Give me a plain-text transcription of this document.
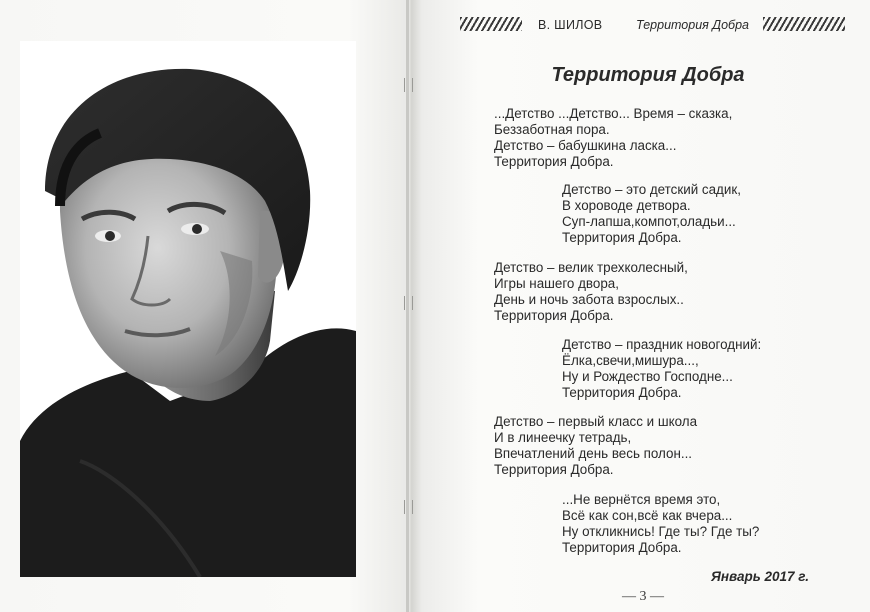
В. ШИЛОВ	Территория Добра
Территория Добра
...Детство ...Детство... Время – сказка,
Беззаботная пора.
Детство – бабушкина ласка...
Территория Добра.
Детство – это детский садик,
В хороводе детвора.
Суп-лапша,компот,оладьи...
Территория Добра.
Детство – велик трехколесный,
Игры нашего двора,
День и ночь забота взрослых..
Территория Добра.
Детство – праздник новогодний:
Ёлка,свечи,мишура...,
Ну и Рождество Господне...
Территория Добра.
Детство – первый класс и школа
И в линеечку тетрадь,
Впечатлений день весь полон...
Территория Добра.
...Не вернётся время это,
Всё как сон,всё как вчера...
Ну откликнись! Где ты? Где ты?
Территория Добра.
Январь 2017 г.
— 3 —
